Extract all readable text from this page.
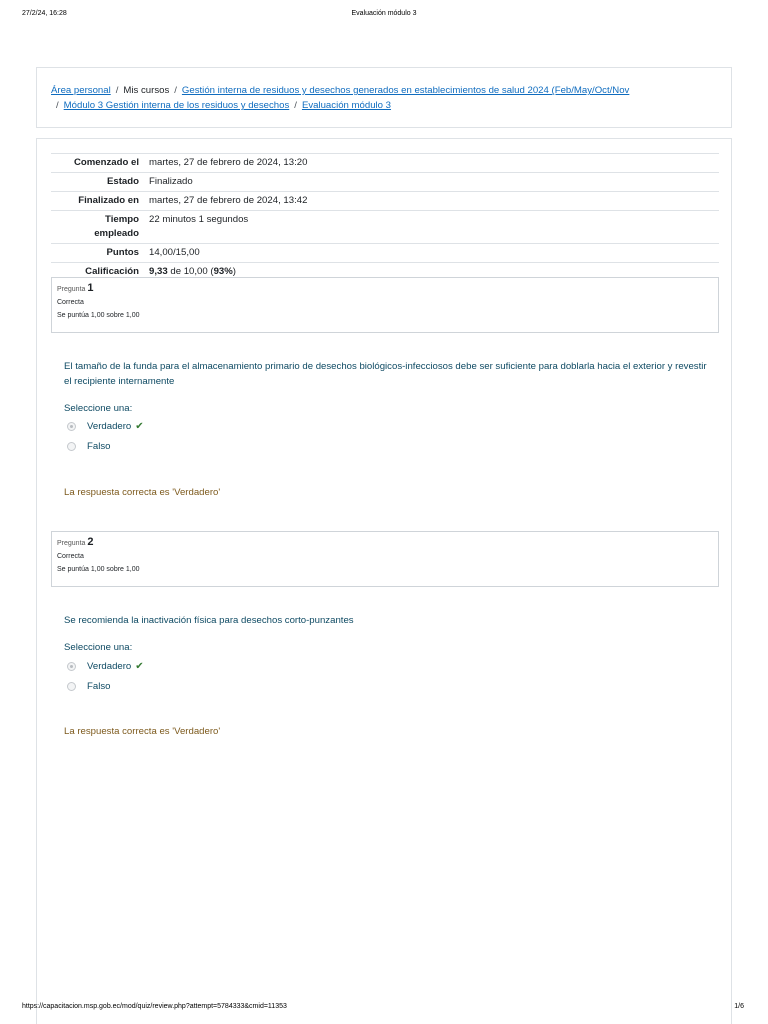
27/2/24, 16:28	Evaluación módulo 3
Área personal / Mis cursos / Gestión interna de residuos y desechos generados en establecimientos de salud 2024 (Feb/May/Oct/Nov
/ Módulo 3 Gestión interna de los residuos y desechos / Evaluación módulo 3
Comenzado el	martes, 27 de febrero de 2024, 13:20
Estado	Finalizado
Finalizado en	martes, 27 de febrero de 2024, 13:42
Tiempo
empleado	22 minutos 1 segundos
Puntos	14,00/15,00
Calificación	9,33 de 10,00 (93%)
Pregunta 1
Correcta
Se puntúa 1,00 sobre 1,00
El tamaño de la funda para el almacenamiento primario de desechos biológicos-infecciosos debe ser suficiente para doblarla hacia el exterior y revestir el recipiente internamente
Seleccione una:
Verdadero ✔
Falso
La respuesta correcta es 'Verdadero'
Pregunta 2
Correcta
Se puntúa 1,00 sobre 1,00
Se recomienda la inactivación física para desechos corto-punzantes
Seleccione una:
Verdadero ✔
Falso
La respuesta correcta es 'Verdadero'
https://capacitacion.msp.gob.ec/mod/quiz/review.php?attempt=5784333&cmid=11353	1/6
